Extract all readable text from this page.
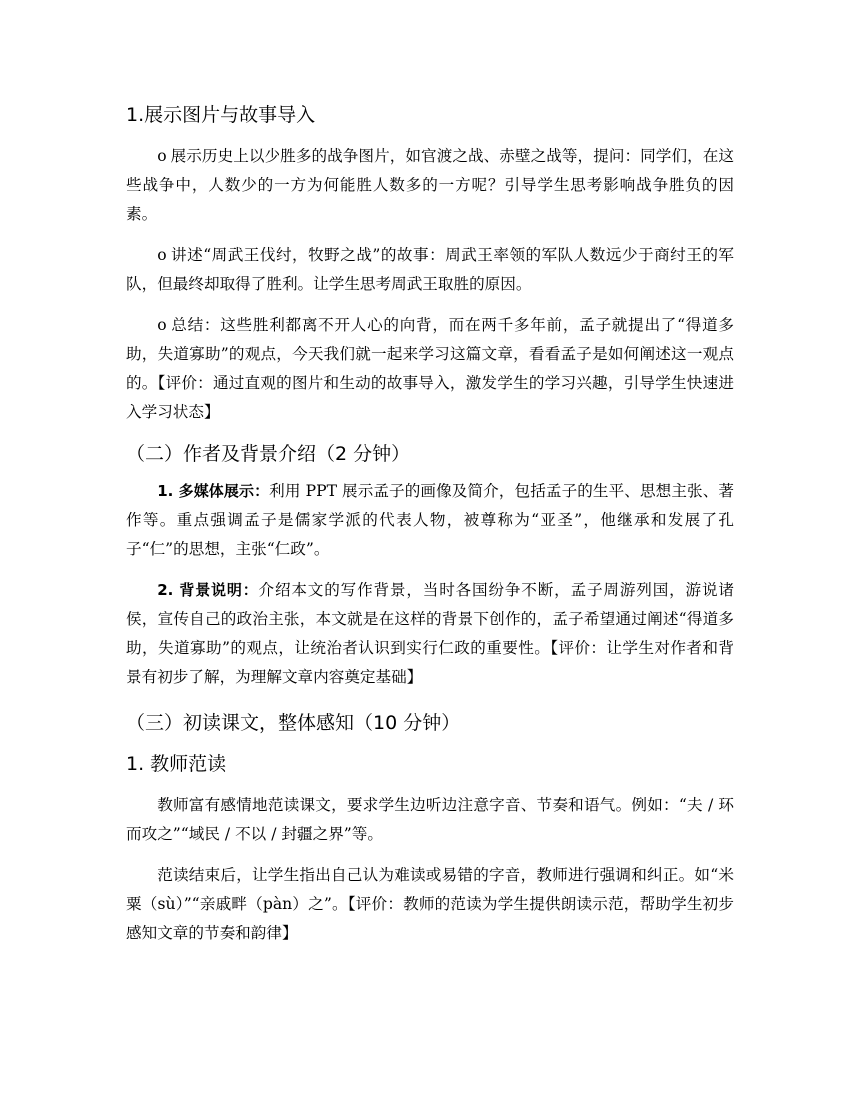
1.展示图片与故事导入

o 展示历史上以少胜多的战争图片，如官渡之战、赤壁之战等，提问：同学们，在这些战争中，人数少的一方为何能胜人数多的一方呢？引导学生思考影响战争胜负的因素。

o 讲述“周武王伐纣，牧野之战”的故事：周武王率领的军队人数远少于商纣王的军队，但最终却取得了胜利。让学生思考周武王取胜的原因。

o 总结：这些胜利都离不开人心的向背，而在两千多年前，孟子就提出了“得道多助，失道寡助”的观点，今天我们就一起来学习这篇文章，看看孟子是如何阐述这一观点的。【评价：通过直观的图片和生动的故事导入，激发学生的学习兴趣，引导学生快速进入学习状态】

（二）作者及背景介绍（2 分钟）

1. 多媒体展示：利用 PPT 展示孟子的画像及简介，包括孟子的生平、思想主张、著作等。重点强调孟子是儒家学派的代表人物，被尊称为“亚圣”，他继承和发展了孔子“仁”的思想，主张“仁政”。

2. 背景说明：介绍本文的写作背景，当时各国纷争不断，孟子周游列国，游说诸侯，宣传自己的政治主张，本文就是在这样的背景下创作的，孟子希望通过阐述“得道多助，失道寡助”的观点，让统治者认识到实行仁政的重要性。【评价：让学生对作者和背景有初步了解，为理解文章内容奠定基础】

（三）初读课文，整体感知（10 分钟）
1. 教师范读

教师富有感情地范读课文，要求学生边听边注意字音、节奏和语气。例如：“夫 / 环而攻之”“域民 / 不以 / 封疆之界”等。

范读结束后，让学生指出自己认为难读或易错的字音，教师进行强调和纠正。如“米粟（sù）”“亲戚畔（pàn）之”。【评价：教师的范读为学生提供朗读示范，帮助学生初步感知文章的节奏和韵律】
